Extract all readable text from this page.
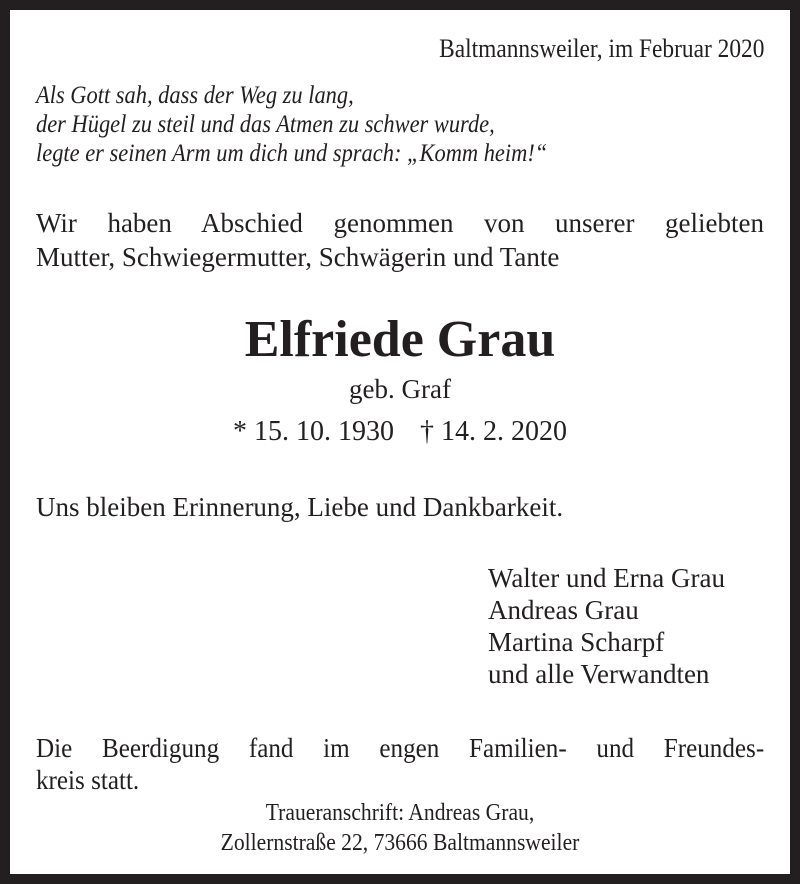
Baltmannsweiler, im Februar 2020
Als Gott sah, dass der Weg zu lang,
der Hügel zu steil und das Atmen zu schwer wurde,
legte er seinen Arm um dich und sprach: „Komm heim!“
Wir haben Abschied genommen von unserer geliebten
Mutter, Schwiegermutter, Schwägerin und Tante
Elfriede Grau
geb. Graf
* 15. 10. 1930 † 14. 2. 2020
Uns bleiben Erinnerung, Liebe und Dankbarkeit.
Walter und Erna Grau
Andreas Grau
Martina Scharpf
und alle Verwandten
Die Beerdigung fand im engen Familien- und Freundes-
kreis statt.
Traueranschrift: Andreas Grau,
Zollernstraße 22, 73666 Baltmannsweiler
